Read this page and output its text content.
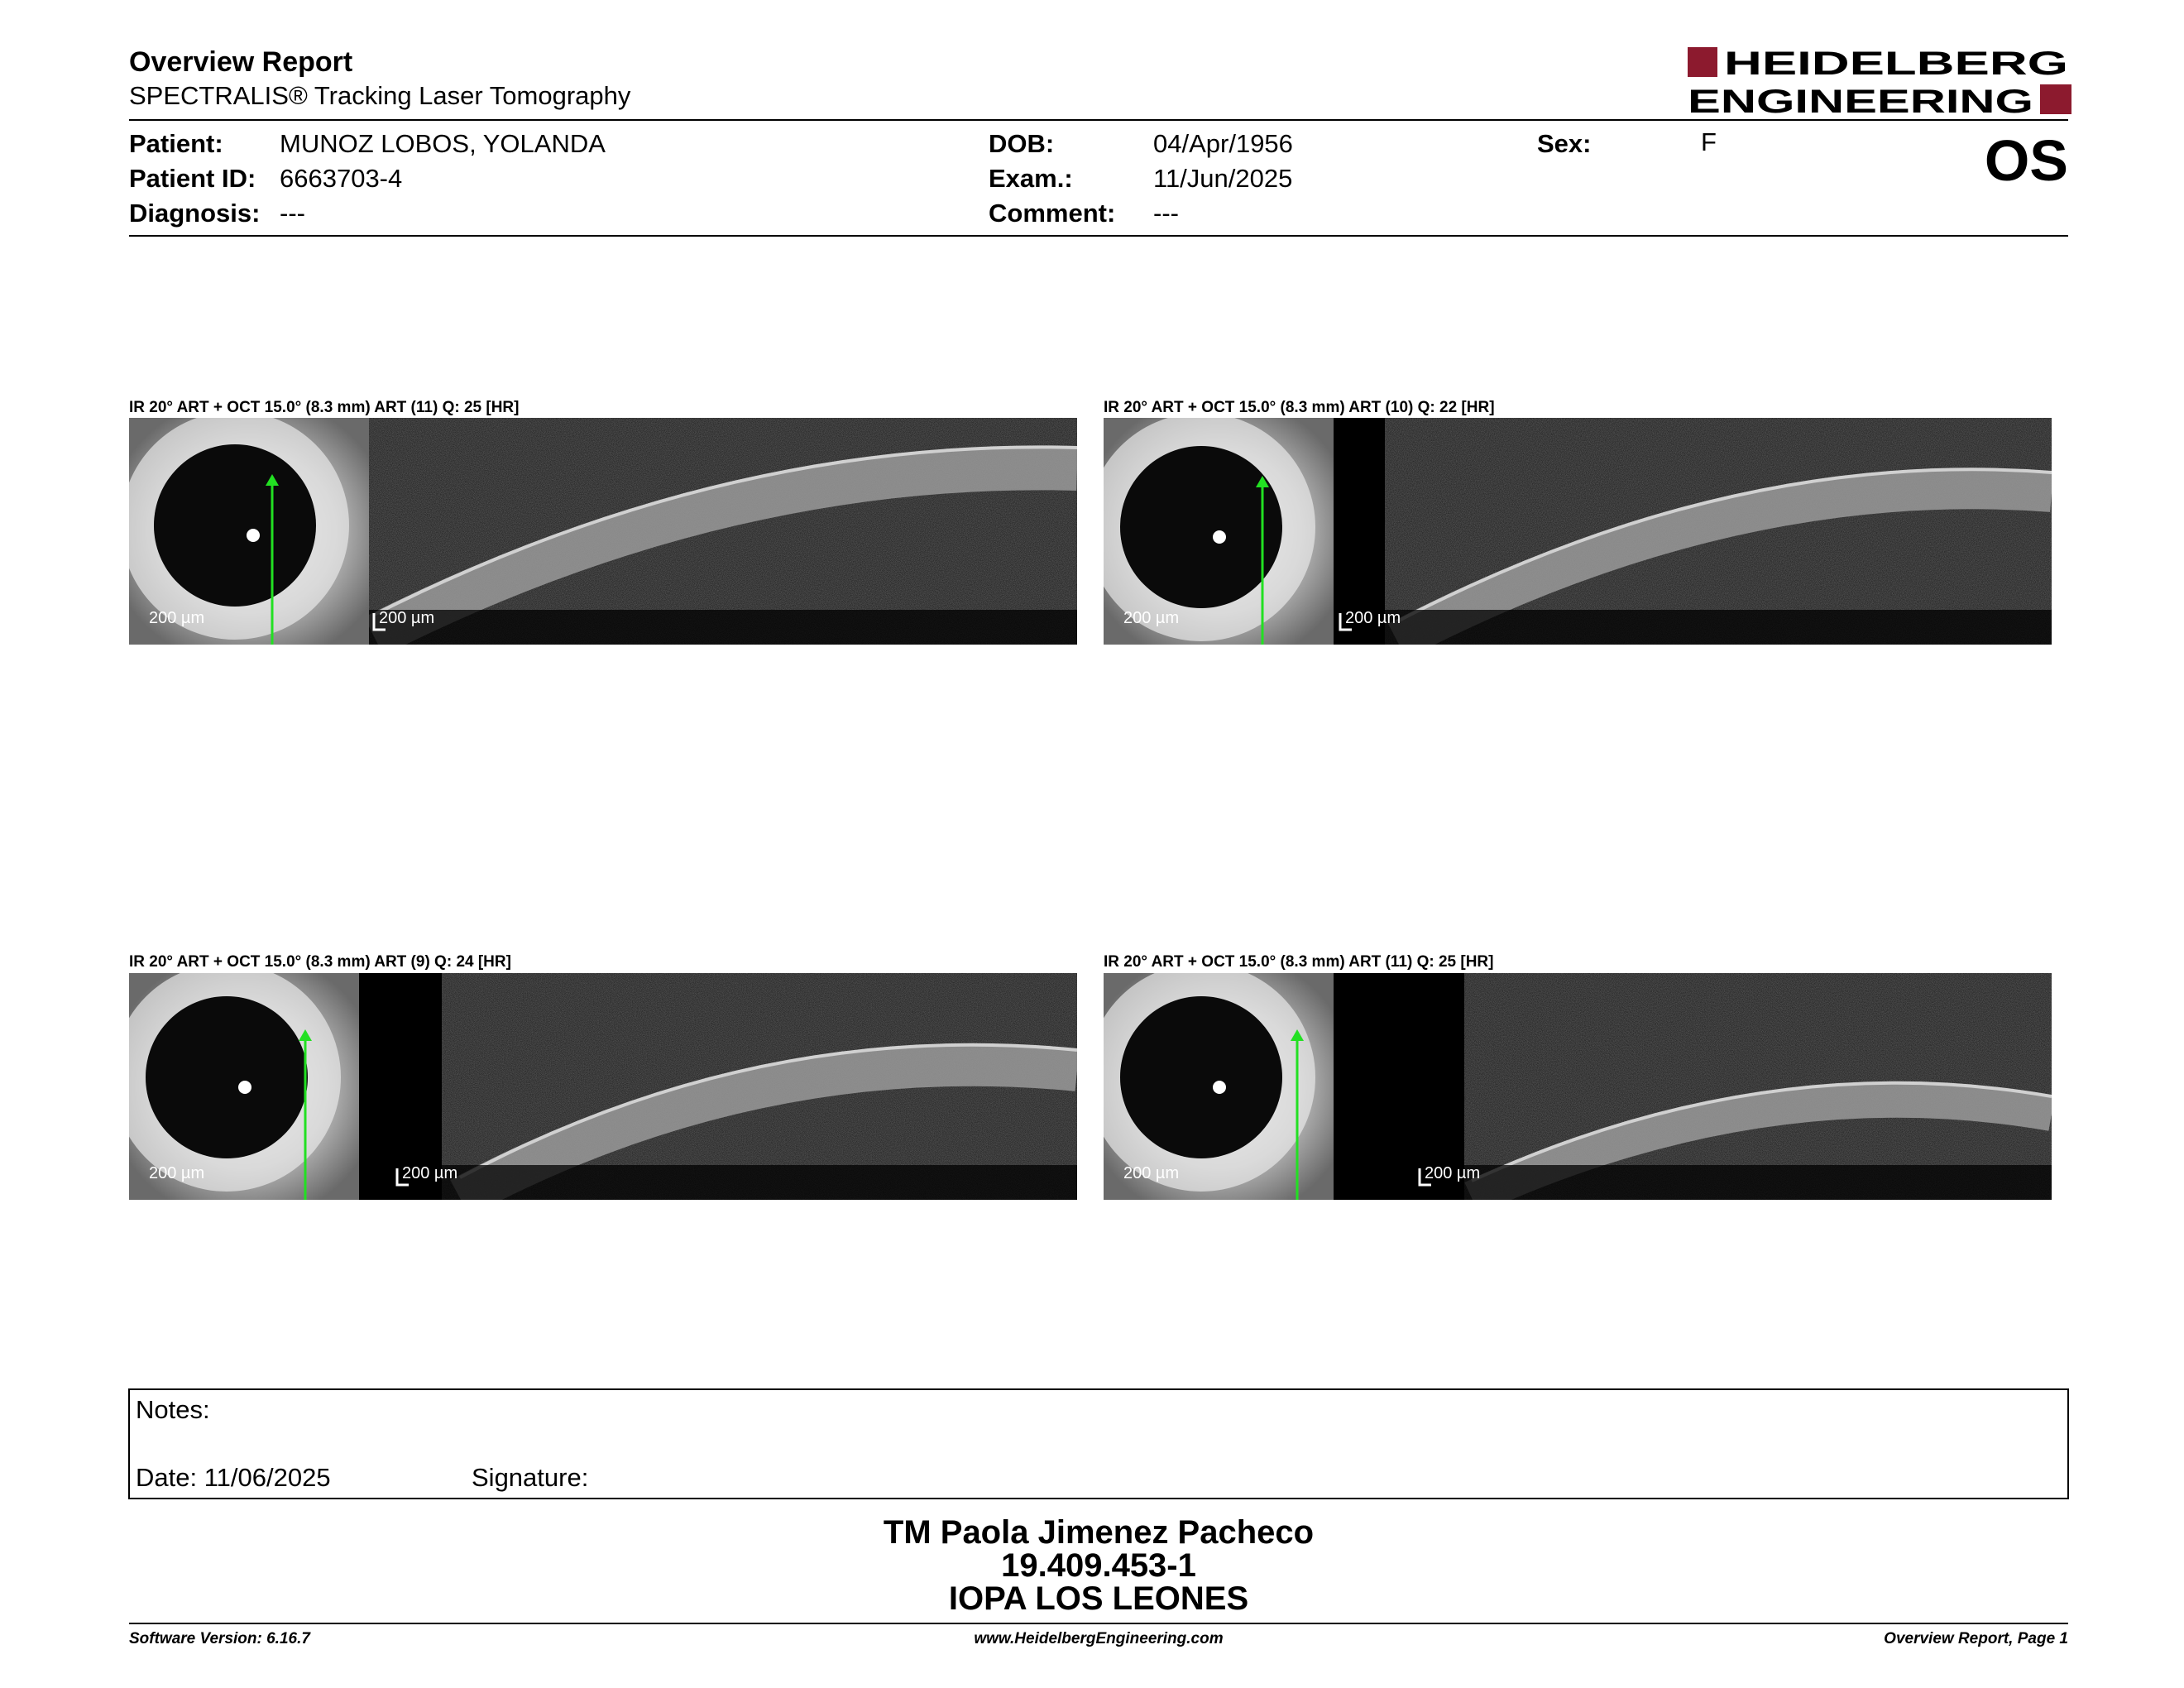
Overview Report
SPECTRALIS® Tracking Laser Tomography
HEIDELBERG
ENGINEERING
Patient: MUNOZ LOBOS, YOLANDA
Patient ID: 6663703-4
Diagnosis: ---
DOB:	04/Apr/1956
Exam.:	11/Jun/2025
Comment: ---
Sex:	F	OS
IR 20° ART + OCT 15.0° (8.3 mm) ART (11) Q: 25 [HR]	IR 20° ART + OCT 15.0° (8.3 mm) ART (10) Q: 22 [HR]
IR 20° ART + OCT 15.0° (8.3 mm) ART (9) Q: 24 [HR]	IR 20° ART + OCT 15.0° (8.3 mm) ART (11) Q: 25 [HR]
200 µm	200 µm	200 µm	200 µm
200 µm	200 µm	200 µm	200 µm
Notes:
Date: 11/06/2025	Signature:
TM Paola Jimenez Pacheco
19.409.453-1
IOPA LOS LEONES
Software Version: 6.16.7	www.HeidelbergEngineering.com	Overview Report, Page 1
